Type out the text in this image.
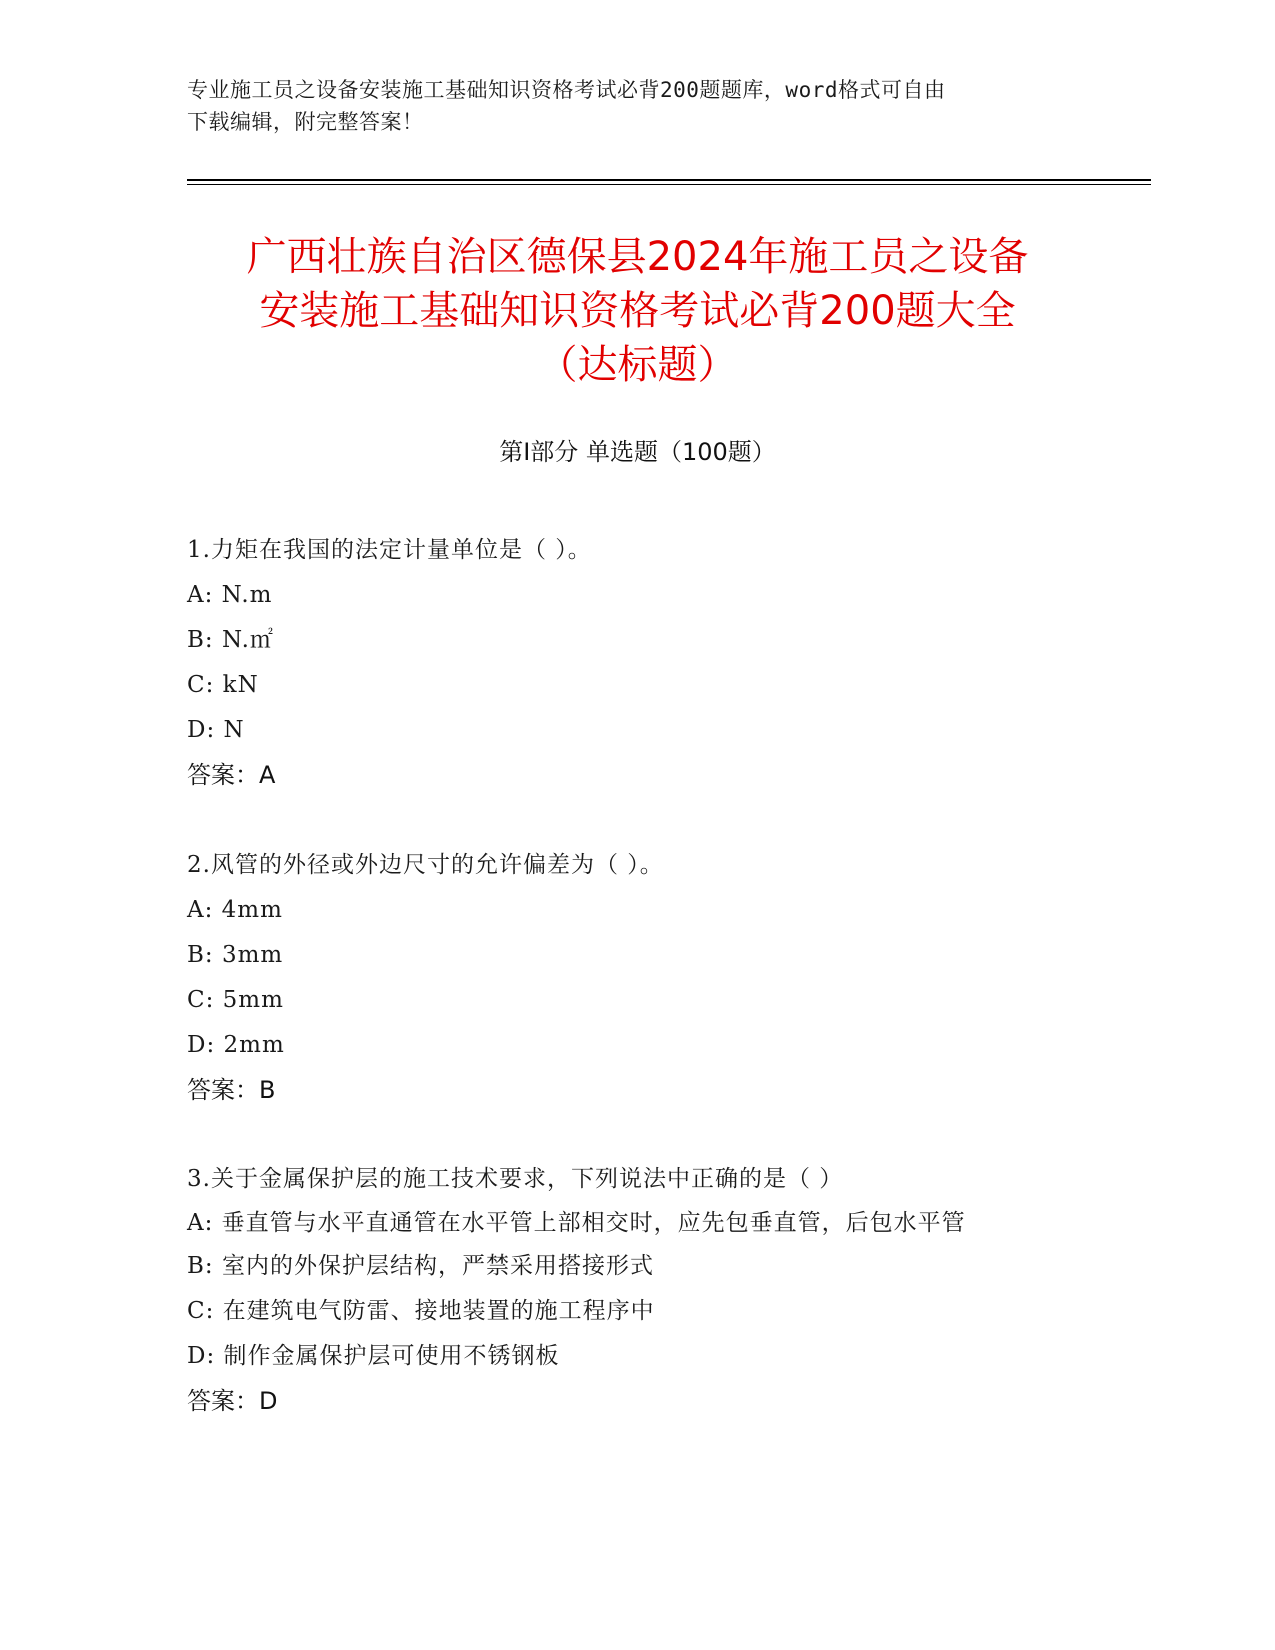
专业施工员之设备安装施工基础知识资格考试必背200题题库，word格式可自由
下载编辑，附完整答案！
广西壮族自治区德保县2024年施工员之设备
安装施工基础知识资格考试必背200题大全
（达标题）
第I部分 单选题（100题）
1.力矩在我国的法定计量单位是（ ）。
A: N.m
B: N.㎡
C: kN
D: N
答案：A
2.风管的外径或外边尺寸的允许偏差为（ ）。
A: 4mm
B: 3mm
C: 5mm
D: 2mm
答案：B
3.关于金属保护层的施工技术要求，下列说法中正确的是（ ）
A: 垂直管与水平直通管在水平管上部相交时，应先包垂直管，后包水平管
B: 室内的外保护层结构，严禁采用搭接形式
C: 在建筑电气防雷、接地装置的施工程序中
D: 制作金属保护层可使用不锈钢板
答案：D
